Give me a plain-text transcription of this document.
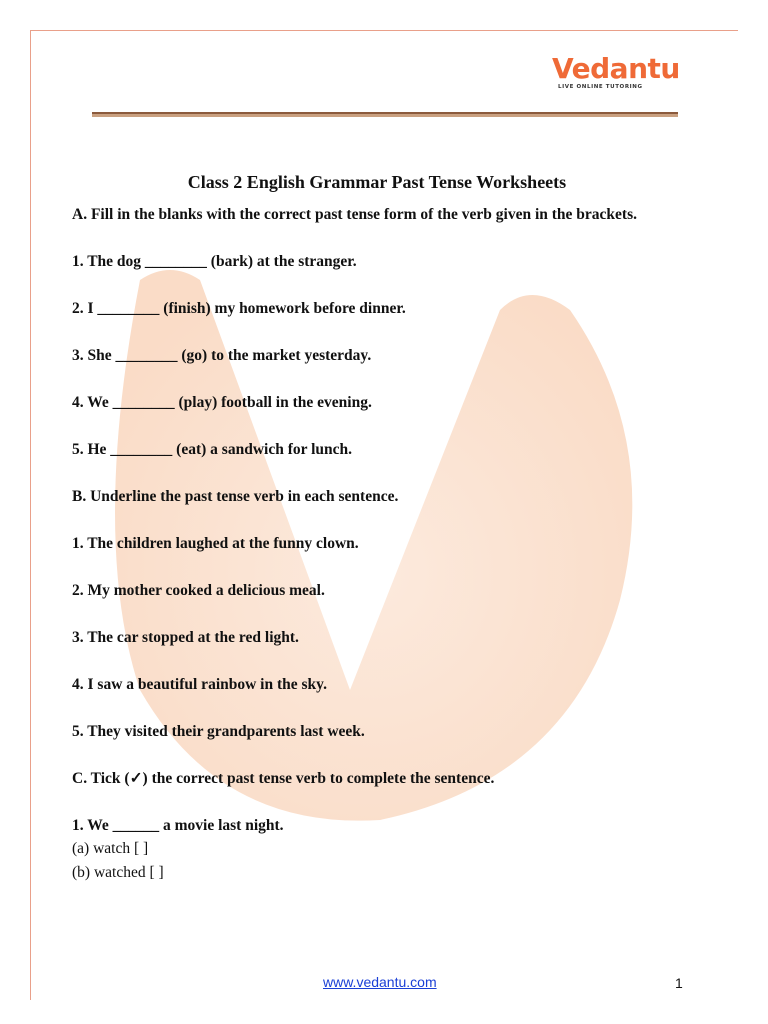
Vedantu
LIVE ONLINE TUTORING
Class 2 English Grammar Past Tense Worksheets

A. Fill in the blanks with the correct past tense form of the verb given in the brackets.

1. The dog ________ (bark) at the stranger.

2. I ________ (finish) my homework before dinner.

3. She ________ (go) to the market yesterday.

4. We ________ (play) football in the evening.

5. He ________ (eat) a sandwich for lunch.

B. Underline the past tense verb in each sentence.

1. The children laughed at the funny clown.

2. My mother cooked a delicious meal.

3. The car stopped at the red light.

4. I saw a beautiful rainbow in the sky.

5. They visited their grandparents last week.

C. Tick (✓) the correct past tense verb to complete the sentence.

1. We ______ a movie last night.

(a) watch [ ]

(b) watched [ ]

www.vedantu.com	1
